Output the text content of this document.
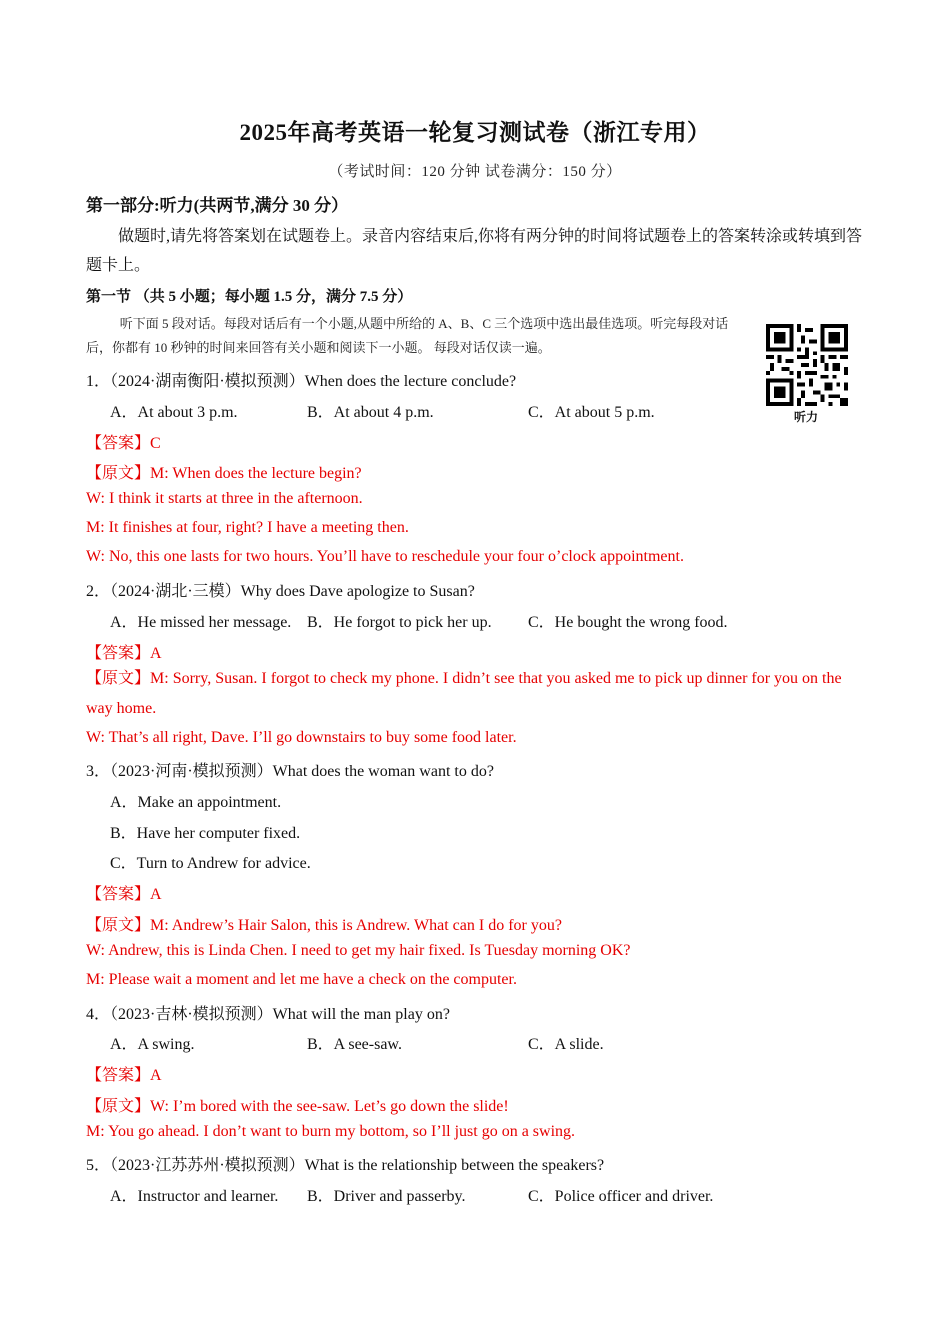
2025年高考英语一轮复习测试卷（浙江专用）
（考试时间：120 分钟 试卷满分：150 分）
第一部分:听力(共两节,满分 30 分）
做题时,请先将答案划在试题卷上。录音内容结束后,你将有两分钟的时间将试题卷上的答案转涂或转填到答题卡上。
第一节 （共 5 小题；每小题 1.5 分，满分 7.5 分）
听下面 5 段对话。每段对话后有一个小题,从题中所给的 A、B、C 三个选项中选出最佳选项。听完每段对话后，你都有 10 秒钟的时间来回答有关小题和阅读下一小题。 每段对话仅读一遍。
听力
1．（2024·湖南衡阳·模拟预测）When does the lecture conclude?
A．At about 3 p.m.	B．At about 4 p.m.	C．At about 5 p.m.
【答案】C
【原文】M: When does the lecture begin?
W: I think it starts at three in the afternoon.
M: It finishes at four, right? I have a meeting then.
W: No, this one lasts for two hours. You’ll have to reschedule your four o’clock appointment.
2．（2024·湖北·三模）Why does Dave apologize to Susan?
A．He missed her message. B．He forgot to pick her up. C．He bought the wrong food.
【答案】A
【原文】M: Sorry, Susan. I forgot to check my phone. I didn’t see that you asked me to pick up dinner for you on the way home.
W: That’s all right, Dave. I’ll go downstairs to buy some food later.
3．（2023·河南·模拟预测）What does the woman want to do?
A．Make an appointment.
B．Have her computer fixed.
C．Turn to Andrew for advice.
【答案】A
【原文】M: Andrew’s Hair Salon, this is Andrew. What can I do for you?
W: Andrew, this is Linda Chen. I need to get my hair fixed. Is Tuesday morning OK?
M: Please wait a moment and let me have a check on the computer.
4．（2023·吉林·模拟预测）What will the man play on?
A．A swing.	B．A see-saw.	C．A slide.
【答案】A
【原文】W: I’m bored with the see-saw. Let’s go down the slide!
M: You go ahead. I don’t want to burn my bottom, so I’ll just go on a swing.
5．（2023·江苏苏州·模拟预测）What is the relationship between the speakers?
A．Instructor and learner. B．Driver and passerby.	C．Police officer and driver.
